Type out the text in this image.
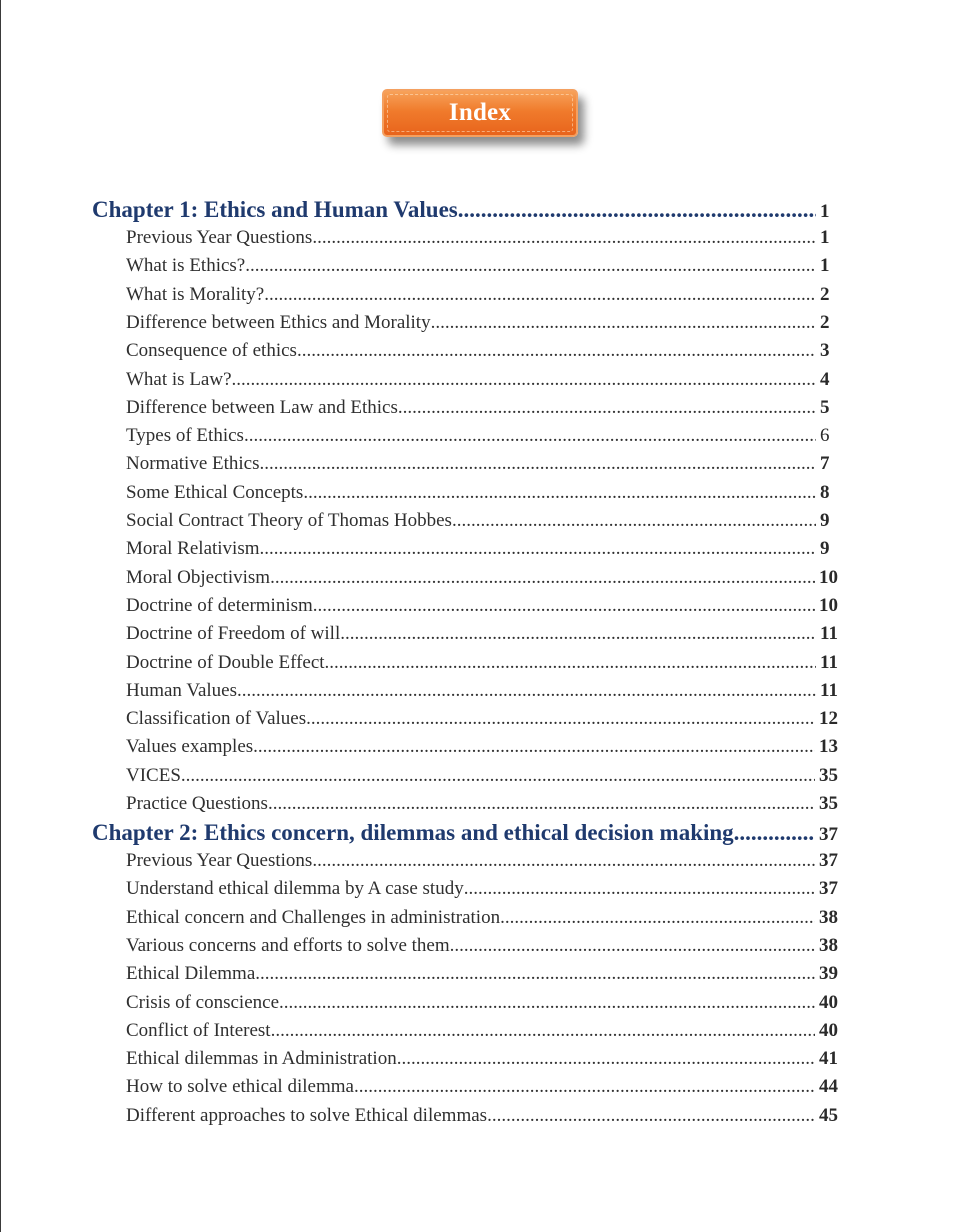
Index
Chapter 1: Ethics and Human Values .....	1
Previous Year Questions .....	1
What is Ethics? .....	1
What is Morality? .....	2
Difference between Ethics and Morality .....	2
Consequence of ethics .....	3
What is Law? .....	4
Difference between Law and Ethics .....	5
Types of Ethics .....	6
Normative Ethics .....	7
Some Ethical Concepts .....	8
Social Contract Theory of Thomas Hobbes .....	9
Moral Relativism .....	9
Moral Objectivism .....	10
Doctrine of determinism .....	10
Doctrine of Freedom of will .....	11
Doctrine of Double Effect .....	11
Human Values .....	11
Classification of Values .....	12
Values examples .....	13
VICES .....	35
Practice Questions .....	35
Chapter 2: Ethics concern, dilemmas and ethical decision making .....	37
Previous Year Questions .....	37
Understand ethical dilemma by A case study .....	37
Ethical concern and Challenges in administration .....	38
Various concerns and efforts to solve them .....	38
Ethical Dilemma .....	39
Crisis of conscience .....	40
Conflict of Interest .....	40
Ethical dilemmas in Administration .....	41
How to solve ethical dilemma .....	44
Different approaches to solve Ethical dilemmas .....	45
